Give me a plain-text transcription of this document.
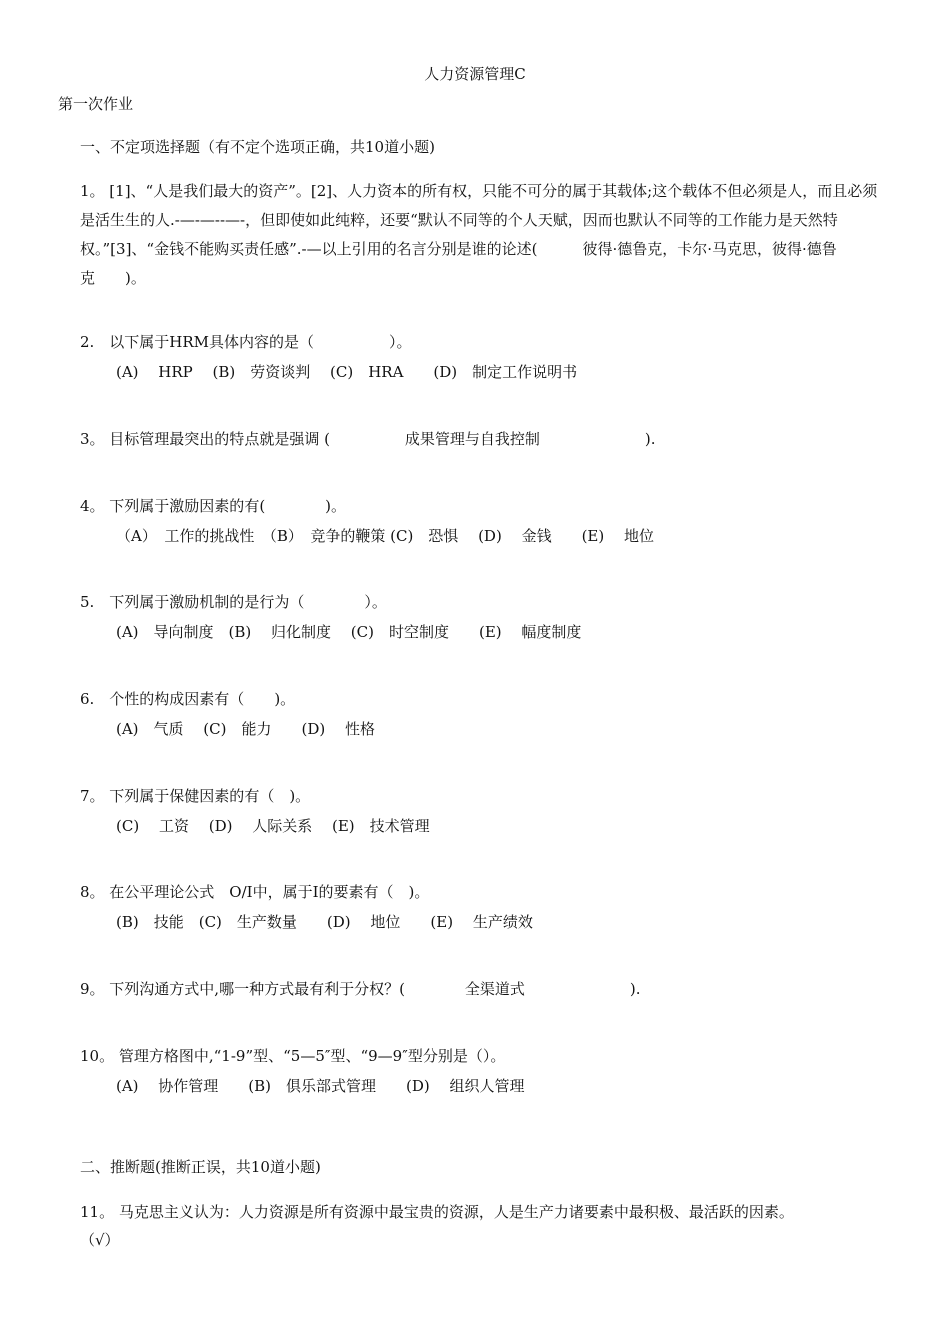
人力资源管理C

第一次作业

一、不定项选择题（有不定个选项正确，共10道小题)

1。 [1]、“人是我们最大的资产”。[2]、人力资本的所有权，只能不可分的属于其载体;这个载体不但必须是人，而且必须是活生生的人.-—-—--—-，但即使如此纯粹，还要“默认不同等的个人天赋，因而也默认不同等的工作能力是天然特权。”[3]、“金钱不能购买责任感”.-—以上引用的名言分别是谁的论述(　　　彼得·德鲁克，卡尔·马克思，彼得·德鲁克　　)。

2.　以下属于HRM具体内容的是（　　　　　）。

(A)　 HRP　 (B)　劳资谈判　 (C)　HRA　　(D)　制定工作说明书

3。 目标管理最突出的特点就是强调 (　　　　　成果管理与自我控制　　　　　　　).

4。 下列属于激励因素的有(　　　　)。

（A）　工作的挑战性　（B）　竞争的鞭策 (C)　恐惧　 (D)　 金钱　　(E)　 地位

5.　下列属于激励机制的是行为（　　　　）。

(A)　导向制度　(B)　 归化制度　 (C)　时空制度　　(E)　 幅度制度

6.　个性的构成因素有（　　)。

(A)　气质　 (C)　能力　　(D)　 性格

7。 下列属于保健因素的有（　)。

(C)　 工资　 (D)　 人际关系　 (E)　技术管理

8。 在公平理论公式　O/I中，属于I的要素有（　)。

(B)　技能　(C)　生产数量　　(D)　 地位　　(E)　 生产绩效

9。 下列沟通方式中,哪一种方式最有利于分权？(　　　　全渠道式　　　　　　　).

10。 管理方格图中,“1-9”型、“5—5″型、“9—9″型分别是（）。

(A)　 协作管理　　(B)　俱乐部式管理　　(D)　 组织人管理

二、推断题(推断正误，共10道小题)

11。 马克思主义认为：人力资源是所有资源中最宝贵的资源，人是生产力诸要素中最积极、最活跃的因素。

（√）
